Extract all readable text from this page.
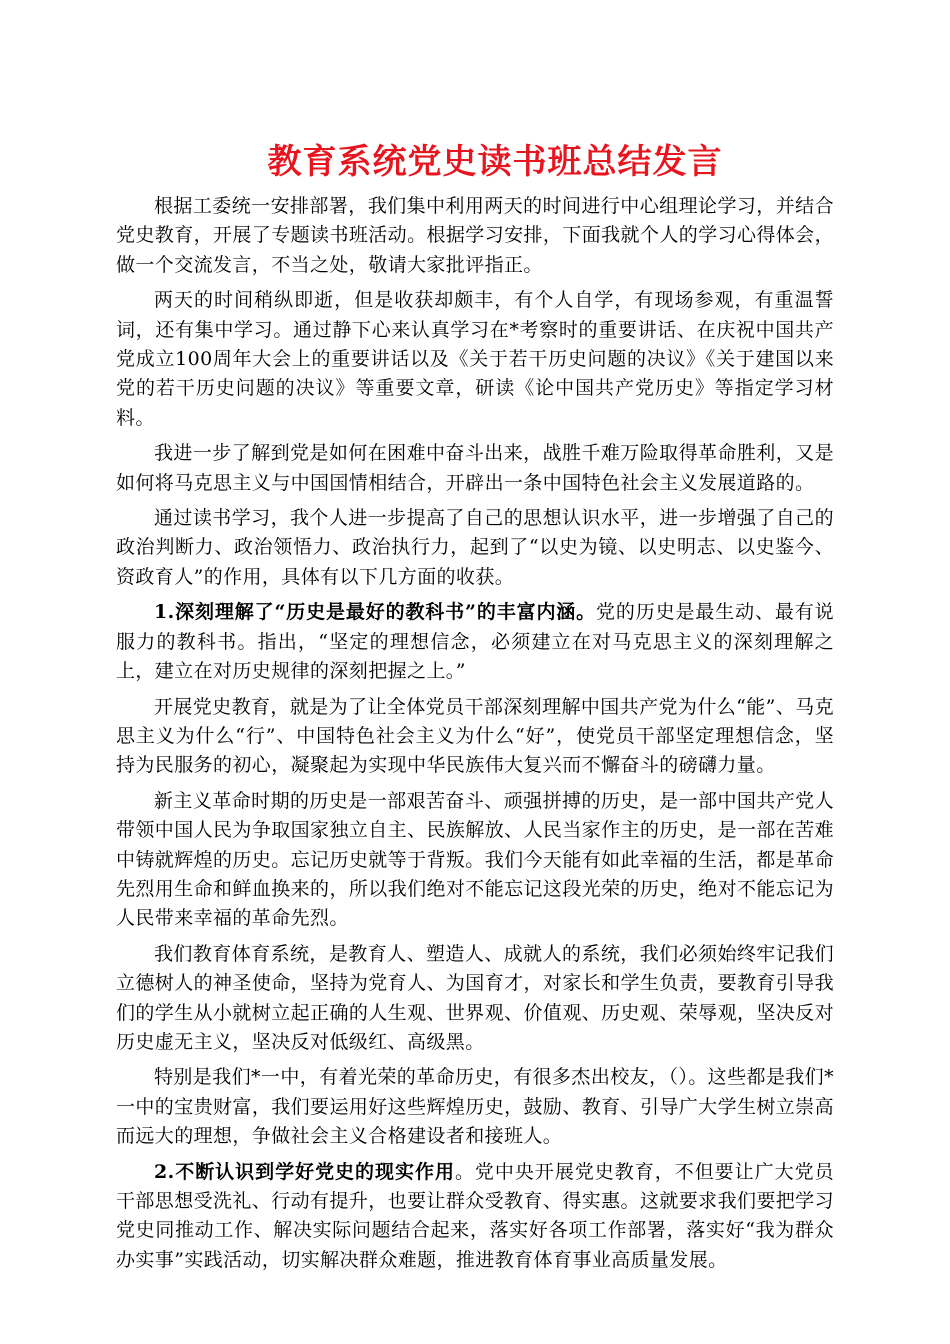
教育系统党史读书班总结发言

根据工委统一安排部署，我们集中利用两天的时间进行中心组理论学习，并结合党史教育，开展了专题读书班活动。根据学习安排，下面我就个人的学习心得体会，做一个交流发言，不当之处，敬请大家批评指正。

两天的时间稍纵即逝，但是收获却颇丰，有个人自学，有现场参观，有重温誓词，还有集中学习。通过静下心来认真学习在*考察时的重要讲话、在庆祝中国共产党成立100周年大会上的重要讲话以及《关于若干历史问题的决议》《关于建国以来党的若干历史问题的决议》等重要文章，研读《论中国共产党历史》等指定学习材料。

我进一步了解到党是如何在困难中奋斗出来，战胜千难万险取得革命胜利，又是如何将马克思主义与中国国情相结合，开辟出一条中国特色社会主义发展道路的。

通过读书学习，我个人进一步提高了自己的思想认识水平，进一步增强了自己的政治判断力、政治领悟力、政治执行力，起到了“以史为镜、以史明志、以史鉴今、资政育人”的作用，具体有以下几方面的收获。

1.深刻理解了“历史是最好的教科书”的丰富内涵。党的历史是最生动、最有说服力的教科书。指出，“坚定的理想信念，必须建立在对马克思主义的深刻理解之上，建立在对历史规律的深刻把握之上。”

开展党史教育，就是为了让全体党员干部深刻理解中国共产党为什么“能”、马克思主义为什么“行”、中国特色社会主义为什么“好”，使党员干部坚定理想信念，坚持为民服务的初心，凝聚起为实现中华民族伟大复兴而不懈奋斗的磅礴力量。

新主义革命时期的历史是一部艰苦奋斗、顽强拼搏的历史，是一部中国共产党人带领中国人民为争取国家独立自主、民族解放、人民当家作主的历史，是一部在苦难中铸就辉煌的历史。忘记历史就等于背叛。我们今天能有如此幸福的生活，都是革命先烈用生命和鲜血换来的，所以我们绝对不能忘记这段光荣的历史，绝对不能忘记为人民带来幸福的革命先烈。

我们教育体育系统，是教育人、塑造人、成就人的系统，我们必须始终牢记我们立德树人的神圣使命，坚持为党育人、为国育才，对家长和学生负责，要教育引导我们的学生从小就树立起正确的人生观、世界观、价值观、历史观、荣辱观，坚决反对历史虚无主义，坚决反对低级红、高级黑。

特别是我们*一中，有着光荣的革命历史，有很多杰出校友，（）。这些都是我们*一中的宝贵财富，我们要运用好这些辉煌历史，鼓励、教育、引导广大学生树立崇高而远大的理想，争做社会主义合格建设者和接班人。

2.不断认识到学好党史的现实作用。党中央开展党史教育，不但要让广大党员干部思想受洗礼、行动有提升，也要让群众受教育、得实惠。这就要求我们要把学习党史同推动工作、解决实际问题结合起来，落实好各项工作部署，落实好“我为群众办实事”实践活动，切实解决群众难题，推进教育体育事业高质量发展。
